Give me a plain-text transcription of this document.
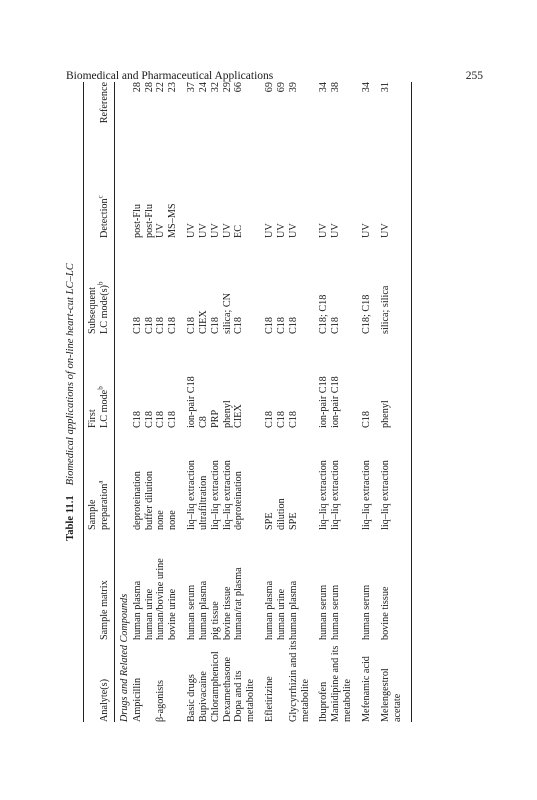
Biomedical and Pharmaceutical Applications	255
Table 11.1Biomedical applications of on-line heart-cut LC–LC
Analyte(s)
Sample matrix
Sample
preparation$^a$
First
LC mode$^b$
Subsequent
LC $mode(s)^b$
Detection$^c$
Reference
Drugs and Related Compounds Ampicillin
human plasma
human urine
deproteination
buffer dilution
C18
C18
C18
C18
post-Flu
post-Flu
28
28
β-agonists
human/bovine urine
bovine urine
none
none
C18
C18
C18
C18
UV
MS–MS
22
23
Basic drugs
human serum
liq–liq extraction
ion-pair C18
C18
UV
37
Bupivacaine
human plasma
ultrafiltration
C8
CIEX
UV
24
Chloramphenicol
pig tissue
liq–liq extraction
PRP
C18
UV
32
Dexamethasone
bovine tissue
liq–liq extraction
phenyl
silica; CN
UV
29
Dopa and its
metabolite
human/rat plasma
deproteination
CIEX
C18
EC
66
Efletirizine
human plasma
human urine
SPE
dilution
C18
C18
C18
C18
UV
UV
69
69
Glycyrrhizin and its
metabolite
human plasma
SPE
C18
C18
UV
39
Ibuprofen
human serum
liq–liq extraction
ion-pair C18
C18; C18
UV
34
Manidipine and its
metabolite
human serum
liq–liq extraction
ion-pair C18
C18
UV
38
Mefenamic acid
human serum
liq–liq extraction
C18
C18; C18
UV
34
Melengestrol
acetate
bovine tissue
liq–liq extraction
phenyl
silica; silica
UV
31
